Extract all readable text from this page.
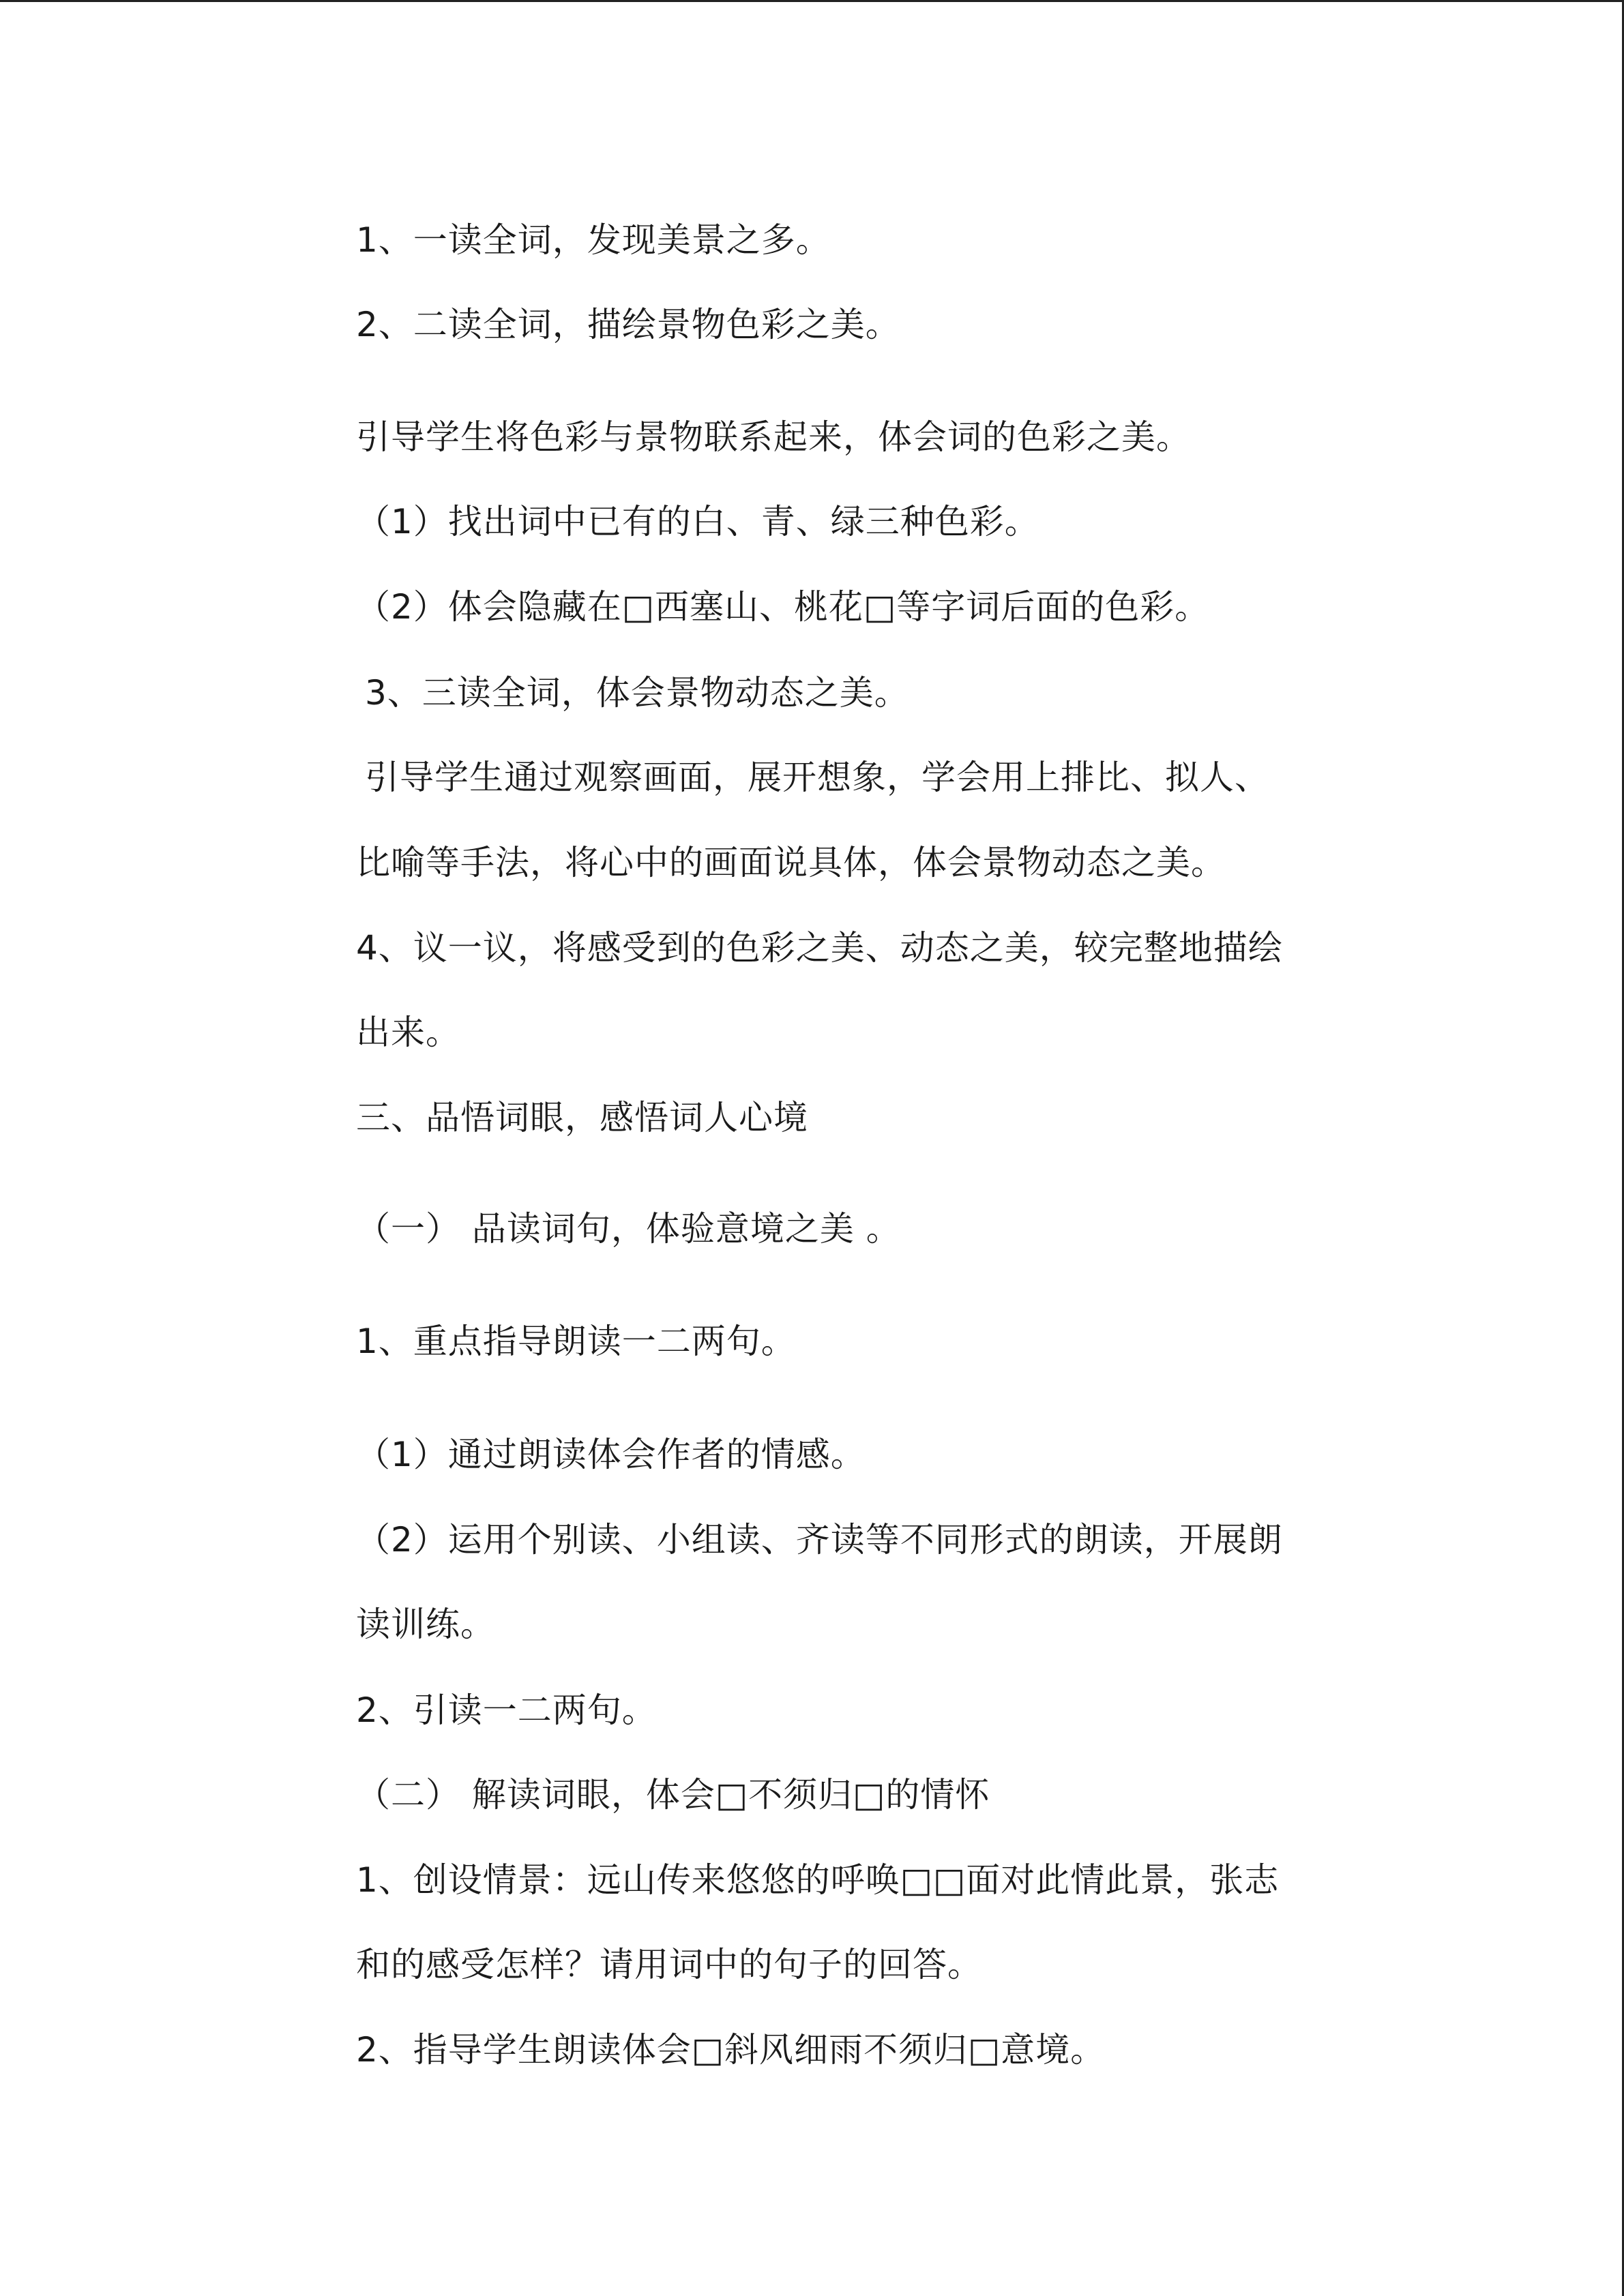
1、一读全词，发现美景之多。
2、二读全词，描绘景物色彩之美。
引导学生将色彩与景物联系起来，体会词的色彩之美。
（1）找出词中已有的白、青、绿三种色彩。
（2）体会隐藏在□西塞山、桃花□等字词后面的色彩。
3、三读全词，体会景物动态之美。
引导学生通过观察画面，展开想象，学会用上排比、拟人、
比喻等手法，将心中的画面说具体，体会景物动态之美。
4、议一议，将感受到的色彩之美、动态之美，较完整地描绘
出来。
三、品悟词眼，感悟词人心境
（一） 品读词句，体验意境之美 。
1、重点指导朗读一二两句。
（1）通过朗读体会作者的情感。
（2）运用个别读、小组读、齐读等不同形式的朗读，开展朗
读训练。
2、引读一二两句。
（二） 解读词眼，体会□不须归□的情怀
1、创设情景：远山传来悠悠的呼唤□□面对此情此景，张志
和的感受怎样？请用词中的句子的回答。
2、指导学生朗读体会□斜风细雨不须归□意境。
